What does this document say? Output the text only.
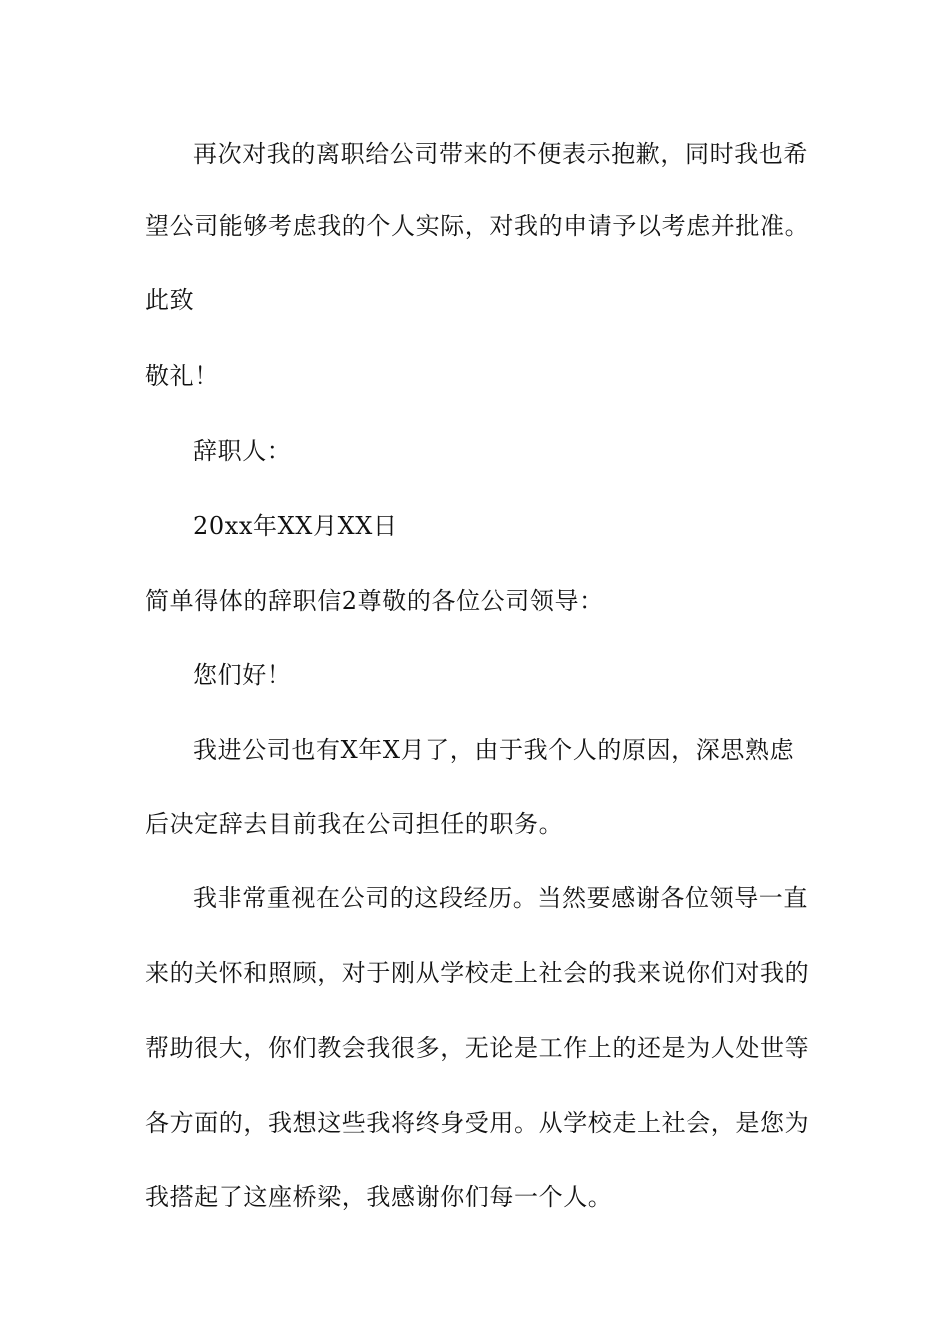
再次对我的离职给公司带来的不便表示抱歉，同时我也希
望公司能够考虑我的个人实际，对我的申请予以考虑并批准。
此致
敬礼！
辞职人：
20xx年XX月XX日
简单得体的辞职信2尊敬的各位公司领导：
您们好！
我进公司也有X年X月了，由于我个人的原因，深思熟虑
后决定辞去目前我在公司担任的职务。
我非常重视在公司的这段经历。当然要感谢各位领导一直
来的关怀和照顾，对于刚从学校走上社会的我来说你们对我的
帮助很大，你们教会我很多，无论是工作上的还是为人处世等
各方面的，我想这些我将终身受用。从学校走上社会，是您为
我搭起了这座桥梁，我感谢你们每一个人。
